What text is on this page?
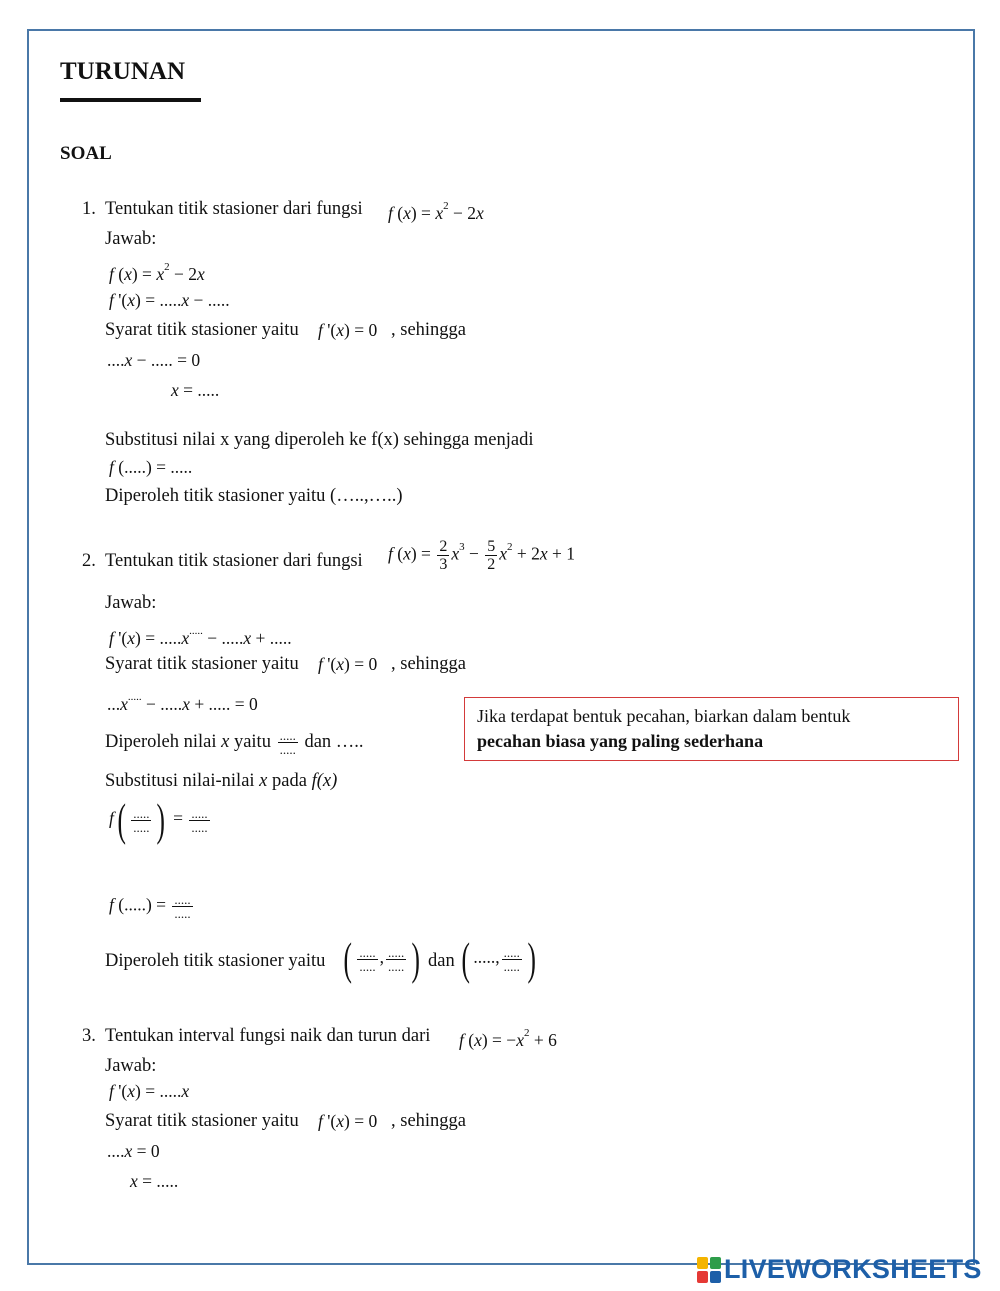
TURUNAN
SOAL
1. Tentukan titik stasioner dari fungsi f $(x) = x^2 - 2x$
Jawab:
f $(x) = x^2 - 2x$
f '(x) = .....x − .....
Syarat titik stasioner yaitu f '(x) = 0 , sehingga
....x − ..... = 0
x = .....
Substitusi nilai x yang diperoleh ke f(x) sehingga menjadi
f (.....) = .....
Diperoleh titik stasioner yaitu (…..,…..)
2. Tentukan titik stasioner dari fungsi f $(x) = \frac{2}{3} x^3 - \frac{5}{2} x^2 + 2x + 1$
Jawab:
f '(x) = .....x..... − .....x + .....
Syarat titik stasioner yaitu f '(x) = 0 , sehingga
...x..... − .....x + ..... = 0
Diperoleh nilai x yaitu $\frac{.....}{.....}$ dan …..
Substitusi nilai-nilai x pada f(x)
$f( \frac{.....}{.....}$ ) = $\frac{.....}{.....}$
f (.....) = $\frac{.....}{.....}$
Diperoleh titik stasioner yaitu ( $\frac{.....}{.....}$ , $\frac{.....}{.....}$ ) dan ( ....., $\frac{.....}{.....}$ )
Jika terdapat bentuk pecahan, biarkan dalam bentuk
pecahan biasa yang paling sederhana
3. Tentukan interval fungsi naik dan turun dari f $(x) = -x^2 + 6$
Jawab:
f '(x) = .....x
Syarat titik stasioner yaitu f '(x) = 0 , sehingga
....x = 0
x = .....
LIVEWORKSHEETS
